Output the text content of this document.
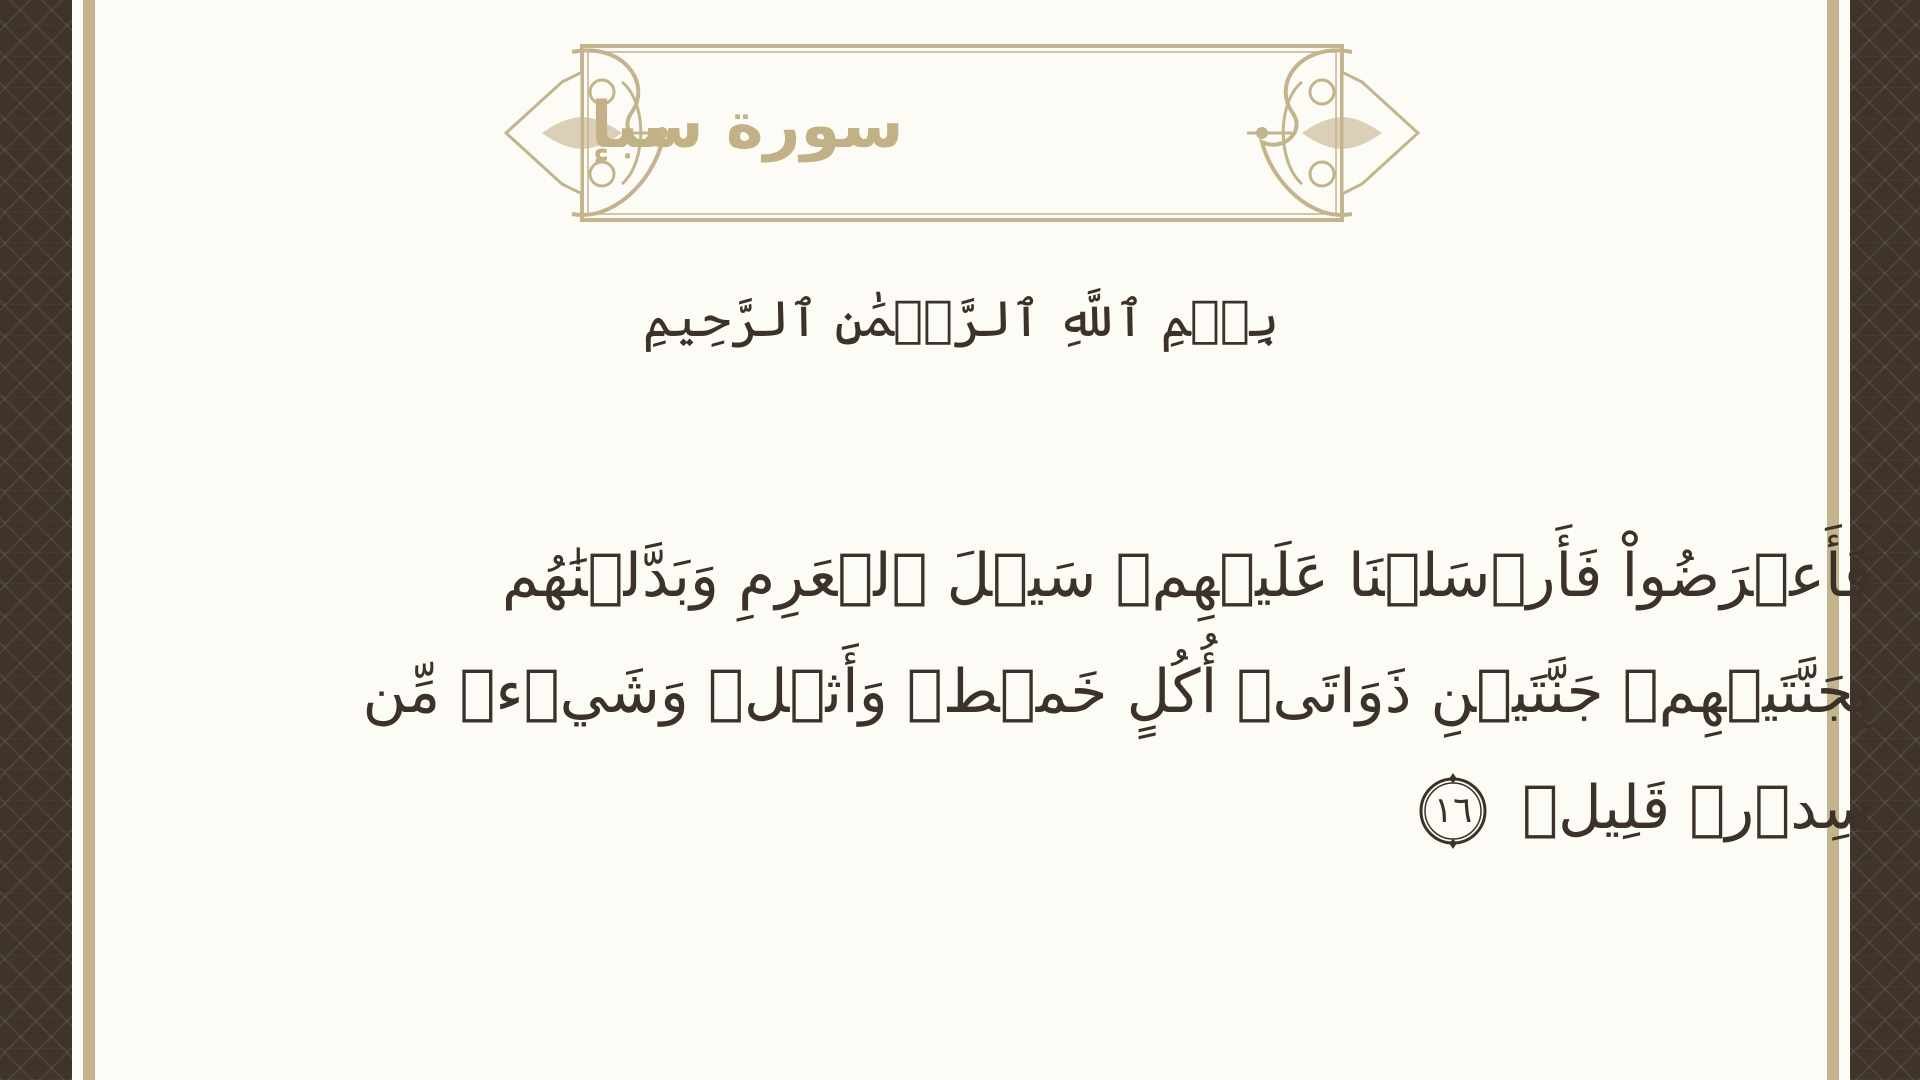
سورة سبإ
بِسۡمِ ٱللَّهِ ٱلرَّحۡمَٰنِ ٱلرَّحِيمِ
فَأَعۡرَضُواْ فَأَرۡسَلۡنَا عَلَيۡهِمۡ سَيۡلَ ٱلۡعَرِمِ وَبَدَّلۡنَٰهُم بِجَنَّتَيۡهِمۡ جَنَّتَيۡنِ ذَوَاتَىۡ أُكُلٍ خَمۡطٖ وَأَثۡلٖ وَشَيۡءٖ مِّن سِدۡرٖ قَلِيلٖ
١٦
